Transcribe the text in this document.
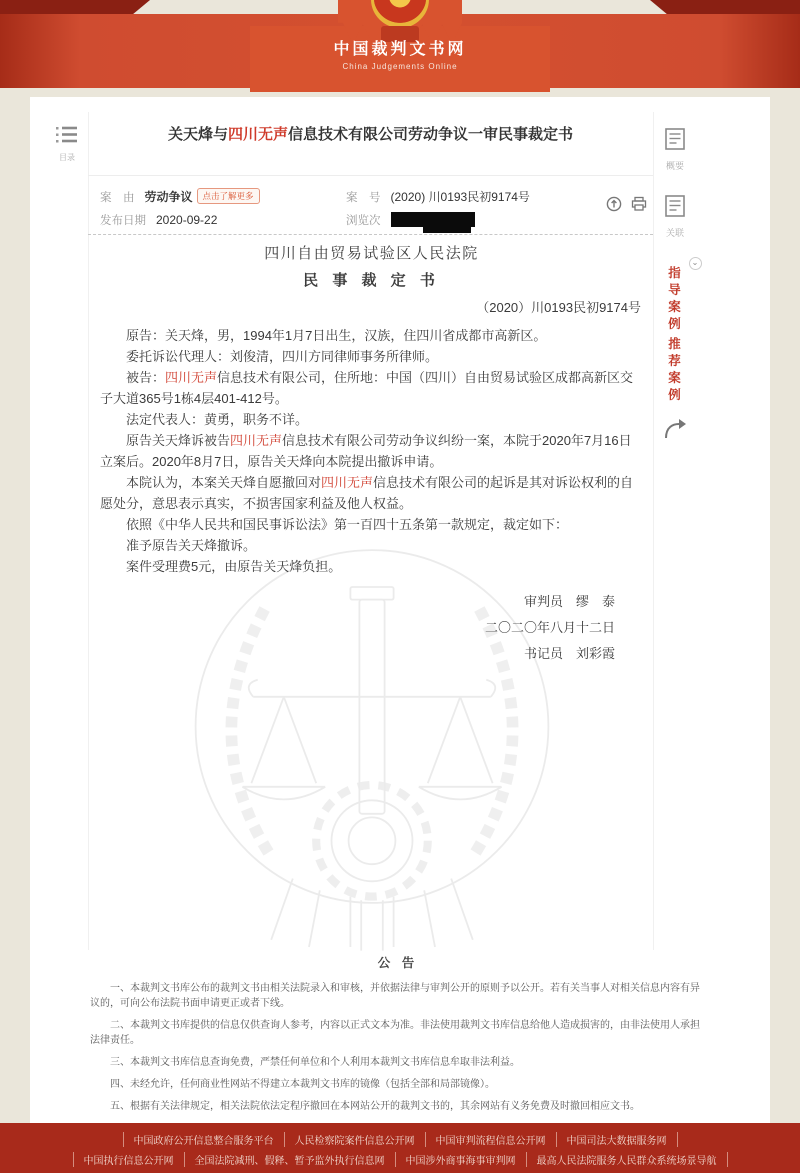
中国裁判文书网
China Judgements Online
目录
关天烽与四川无声信息技术有限公司劳动争议一审民事裁定书
案　由 劳动争议 点击了解更多	案　号 (2020) 川0193民初9174号
发布日期 2020-09-22	浏览次
四川自由贸易试验区人民法院
民 事 裁 定 书
（2020）川0193民初9174号

原告：关天烽，男，1994年1月7日出生，汉族，住四川省成都市高新区。

委托诉讼代理人：刘俊清，四川方同律师事务所律师。

被告：四川无声信息技术有限公司，住所地：中国（四川）自由贸易试验区成都高新区交子大道365号1栋4层401-412号。

法定代表人：黄勇，职务不详。

原告关天烽诉被告四川无声信息技术有限公司劳动争议纠纷一案，本院于2020年7月16日立案后。2020年8月7日，原告关天烽向本院提出撤诉申请。

本院认为，本案关天烽自愿撤回对四川无声信息技术有限公司的起诉是其对诉讼权利的自愿处分，意思表示真实，不损害国家利益及他人权益。

依照《中华人民共和国民事诉讼法》第一百四十五条第一款规定，裁定如下：

准予原告关天烽撤诉。

案件受理费5元，由原告关天烽负担。

审判员　缪　泰
二〇二〇年八月十二日
书记员　刘彩霞
公 告

一、本裁判文书库公布的裁判文书由相关法院录入和审核，并依据法律与审判公开的原则予以公开。若有关当事人对相关信息内容有异议的，可向公布法院书面申请更正或者下线。

二、本裁判文书库提供的信息仅供查询人参考，内容以正式文本为准。非法使用裁判文书库信息给他人造成损害的，由非法使用人承担法律责任。

三、本裁判文书库信息查询免费，严禁任何单位和个人利用本裁判文书库信息牟取非法利益。

四、未经允许，任何商业性网站不得建立本裁判文书库的镜像（包括全部和局部镜像）。

五、根据有关法律规定，相关法院依法定程序撤回在本网站公开的裁判文书的，其余网站有义务免费及时撤回相应文书。

概要
关联
指导案例
⌄
推荐案例
中国政府公开信息整合服务平台	人民检察院案件信息公开网	中国审判流程信息公开网	中国司法大数据服务网
中国执行信息公开网	全国法院减刑、假释、暂予监外执行信息网	中国涉外商事海事审判网	最高人民法院服务人民群众系统场景导航
